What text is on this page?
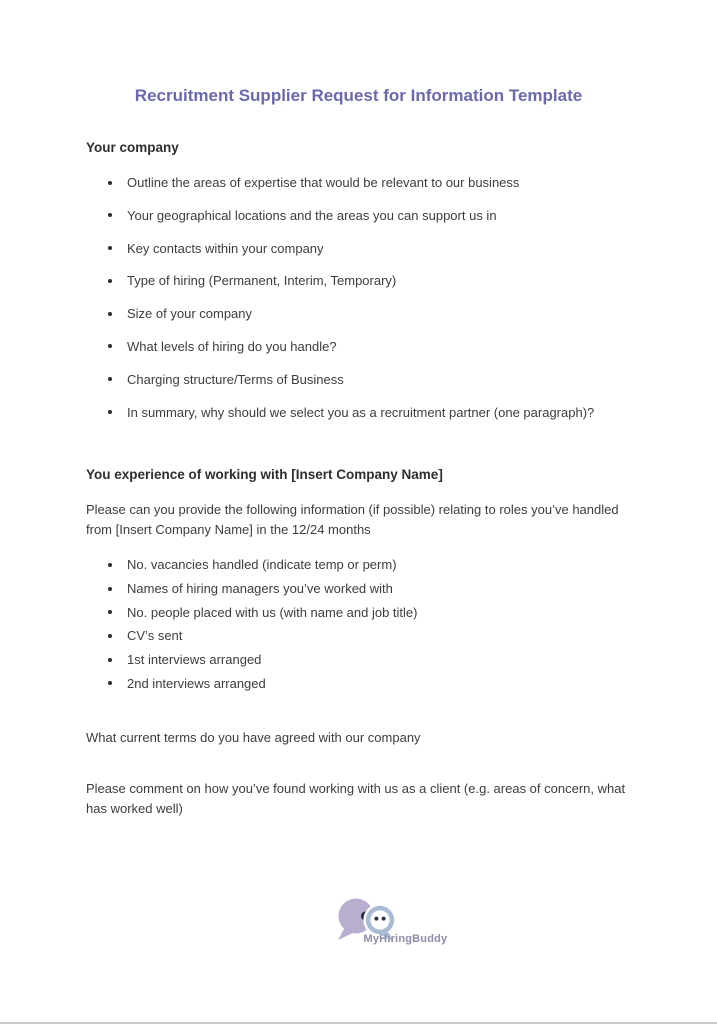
Recruitment Supplier Request for Information Template
Your company
Outline the areas of expertise that would be relevant to our business
Your geographical locations and the areas you can support us in
Key contacts within your company
Type of hiring (Permanent, Interim, Temporary)
Size of your company
What levels of hiring do you handle?
Charging structure/Terms of Business
In summary, why should we select you as a recruitment partner (one paragraph)?
You experience of working with [Insert Company Name]

Please can you provide the following information (if possible) relating to roles you’ve handled
from [Insert Company Name] in the 12/24 months

No. vacancies handled (indicate temp or perm)
Names of hiring managers you’ve worked with
No. people placed with us (with name and job title)
CV’s sent
1st interviews arranged
2nd interviews arranged

What current terms do you have agreed with our company

Please comment on how you’ve found working with us as a client (e.g. areas of concern, what
has worked well)

MyHiringBuddy
